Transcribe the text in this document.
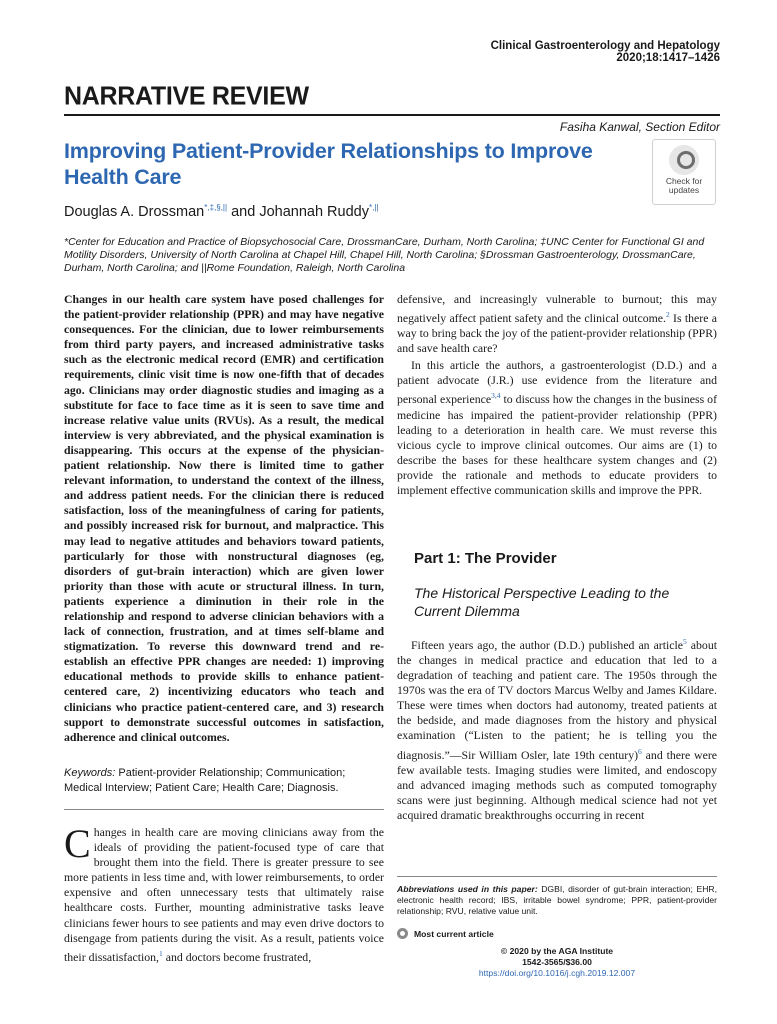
Clinical Gastroenterology and Hepatology 2020;18:1417–1426
NARRATIVE REVIEW
Fasiha Kanwal, Section Editor
Improving Patient-Provider Relationships to Improve Health Care	Check for
updates
Douglas A. Drossman*,‡,§,|| and Johannah Ruddy*,||
*Center for Education and Practice of Biopsychosocial Care, DrossmanCare, Durham, North Carolina; ‡UNC Center for Functional GI and Motility Disorders, University of North Carolina at Chapel Hill, Chapel Hill, North Carolina; §Drossman Gastroenterology, DrossmanCare, Durham, North Carolina; and ||Rome Foundation, Raleigh, North Carolina
Changes in our health care system have posed challenges for the patient-provider relationship (PPR) and may have negative consequences. For the clinician, due to lower reimbursements from third party payers, and increased administrative tasks such as the electronic medical record (EMR) and certification requirements, clinic visit time is now one-fifth that of decades ago. Clinicians may order diagnostic studies and imaging as a substitute for face to face time as it is seen to save time and increase relative value units (RVUs). As a result, the medical interview is very abbreviated, and the physical examination is disappearing. This occurs at the expense of the physician-patient relationship. Now there is limited time to gather relevant information, to understand the context of the illness, and address patient needs. For the clinician there is reduced satisfaction, loss of the meaningfulness of caring for patients, and possibly increased risk for burnout, and malpractice. This may lead to negative attitudes and behaviors toward patients, particularly for those with nonstructural diagnoses (eg, disorders of gut-brain interaction) which are given lower priority than those with acute or structural illness. In turn, patients experience a diminution in their role in the relationship and respond to adverse clinician behaviors with a lack of connection, frustration, and at times self-blame and stigmatization. To reverse this downward trend and re-establish an effective PPR changes are needed: 1) improving educational methods to provide skills to enhance patient-centered care, 2) incentivizing educators who teach and clinicians who practice patient-centered care, and 3) research support to demonstrate successful outcomes in satisfaction, adherence and clinical outcomes.
Keywords: Patient-provider Relationship; Communication; Medical Interview; Patient Care; Health Care; Diagnosis.
Changes in health care are moving clinicians away from the ideals of providing the patient-focused type of care that brought them into the field. There is greater pressure to see more patients in less time and, with lower reimbursements, to order expensive and often unnecessary tests that ultimately raise healthcare costs. Further, mounting administrative tasks leave clinicians fewer hours to see patients and may even drive doctors to disengage from patients during the visit. As a result, patients voice their dissatisfaction,$^1$ and doctors become frustrated,
defensive, and increasingly vulnerable to burnout; this may negatively affect patient safety and the clinical outcome.$^2$ Is there a way to bring back the joy of the patient-provider relationship (PPR) and save health care?
In this article the authors, a gastroenterologist (D.D.) and a patient advocate (J.R.) use evidence from the literature and personal experience$^{3,4}$ to discuss how the changes in the business of medicine has impaired the patient-provider relationship (PPR) leading to a deterioration in health care. We must reverse this vicious cycle to improve clinical outcomes. Our aims are (1) to describe the bases for these healthcare system changes and (2) provide the rationale and methods to educate providers to implement effective communication skills and improve the PPR.
Part 1: The Provider
The Historical Perspective Leading to the Current Dilemma
Fifteen years ago, the author (D.D.) published an article$^5$ about the changes in medical practice and education that led to a degradation of teaching and patient care. The 1950s through the 1970s was the era of TV doctors Marcus Welby and James Kildare. These were times when doctors had autonomy, treated patients at the bedside, and made diagnoses from the history and physical examination (“Listen to the patient; he is telling you the diagnosis.”—Sir William Osler, late 19th century)$^6$ and there were few available tests. Imaging studies were limited, and endoscopy and advanced imaging methods such as computed tomography scans were just beginning. Although medical science had not yet acquired dramatic breakthroughs occurring in recent
Abbreviations used in this paper: DGBI, disorder of gut-brain interaction; EHR, electronic health record; IBS, irritable bowel syndrome; PPR, patient-provider relationship; RVU, relative value unit.
Most current article
© 2020 by the AGA Institute
1542-3565/$36.00
https://doi.org/10.1016/j.cgh.2019.12.007
